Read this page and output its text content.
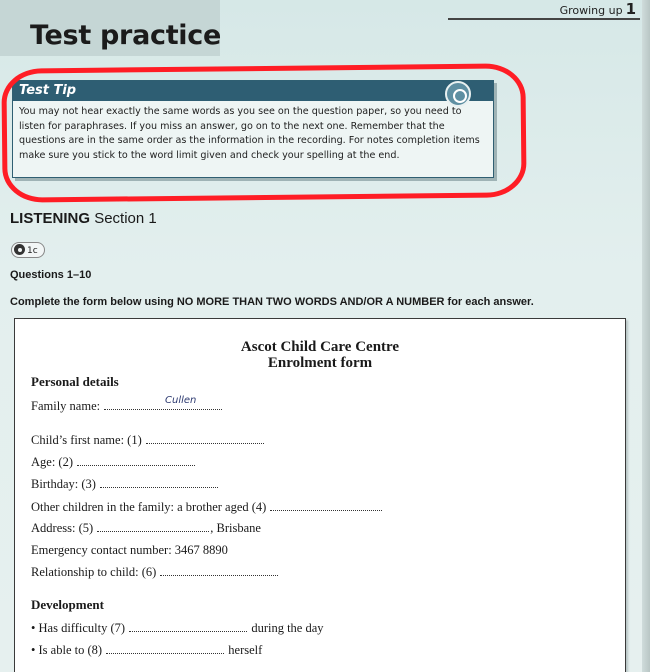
Test practice
Growing up 1
Test Tip
You may not hear exactly the same words as you see on the question paper, so you need to listen for paraphrases. If you miss an answer, go on to the next one. Remember that the questions are in the same order as the information in the recording. For notes completion items make sure you stick to the word limit given and check your spelling at the end.
LISTENING Section 1
1c
Questions 1–10
Complete the form below using NO MORE THAN TWO WORDS AND/OR A NUMBER for each answer.
Ascot Child Care Centre
Enrolment form
Personal details
Family name:	Cullen
Child’s first name: (1)
Age: (2)
Birthday: (3)
Other children in the family: a brother aged (4)
Address: (5)	, Brisbane
Emergency contact number: 3467 8890
Relationship to child: (6)
Development
• Has difficulty (7)	during the day
• Is able to (8)	herself
